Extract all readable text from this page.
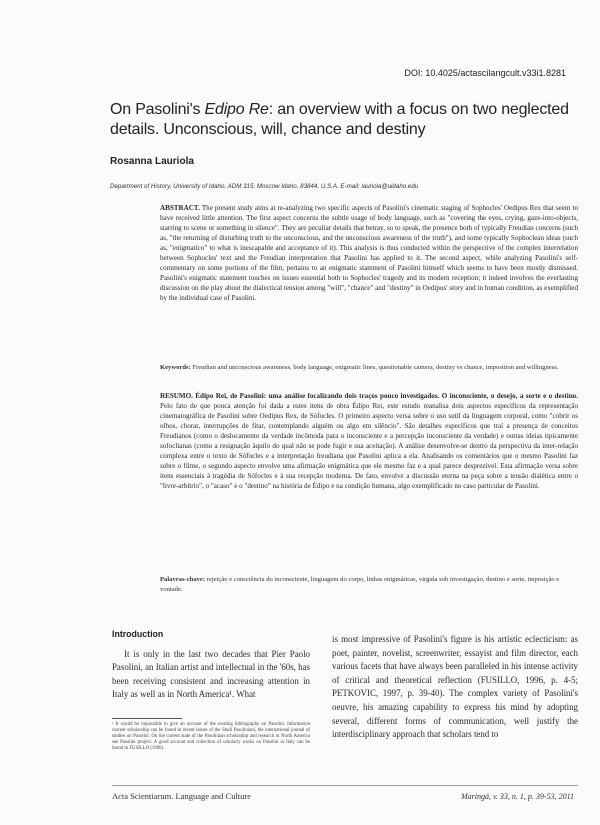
DOI: 10.4025/actascilangcult.v33i1.8281
On Pasolini's Edipo Re: an overview with a focus on two neglected details. Unconscious, will, chance and destiny
Rosanna Lauriola
Department of History, University of Idaho, ADM 315, Moscow Idaho, 83844, U.S.A. E-mail: lauriola@uidaho.edu

ABSTRACT. The present study aims at re-analyzing two specific aspects of Pasolini's cinematic staging of Sophocles' Oedipus Rex that seem to have received little attention. The first aspect concerns the subtle usage of body language, such as "covering the eyes, crying, gaze-into-objects, starring to scene or something in silence". They are peculiar details that betray, so to speak, the presence both of typically Freudian concerns (such as, "the returning of disturbing truth to the unconscious, and the unconscious awareness of the truth"), and some typically Sophoclean ideas (such as, "enigmatico" to what is inescapable and acceptance of it). This analysis is thus conducted within the perspective of the complex interrelation between Sophocles' text and the Freudian interpretation that Pasolini has applied to it. The second aspect, while analyzing Pasolini's self-commentary on some portions of the film, pertains to an enigmatic statement of Pasolini himself which seems to have been mostly dismissed. Pasolini's enigmatic statement touches on issues essential both to Sophocles' tragedy and its modern reception; it indeed involves the everlasting discussion on the play about the dialectical tension among "will", "chance" and "destiny" in Oedipus' story and in human condition, as exemplified by the individual case of Pasolini.

Keywords: Freudian and unconscious awareness, body language, enigmatic lines, questionable camera, destiny vs chance, imposition and willingness.

RESUMO. Édipo Rei, de Pasolini: uma análise focalizando dois traços pouco investigados. O inconsciente, o desejo, a sorte e o destino. Pelo fato de que pouca atenção foi dada a estes itens de obra Édipo Rei, este estudo reanalisa dois aspectos específicos da representação cinematográfica de Pasolini sobre Oedipus Rex, de Sófocles. O primeiro aspecto versa sobre o uso sutil da linguagem corporal, como "cobrir os olhos, chorar, interrupções de fitar, contemplando alguém ou algo em silêncio". São detalhes específicos que traí a presença de conceitos Freudianos (como o deslocamento da verdade incômoda para o inconsciente e a percepção inconsciente da verdade) e outras ideias tipicamente sofoclianas (como a resignação àquilo do qual não se pode fugir e sua aceitação). A análise desenvolve-se dentro da perspectiva da inter-relação complexa entre o texto de Sófocles e a interpretação freudiana que Pasolini aplica a ela. Analisando os comentários que o mesmo Pasolini faz sobre o filme, o segundo aspecto envolve uma afirmação enigmática que ele mesmo faz e a qual parece desprezível. Esta afirmação versa sobre itens essenciais à tragédia de Sófocles e à sua recepção moderna. De fato, envolve a discussão eterna na peça sobre a tensão dialética entre o "livre-arbítrio", o "acaso" e o "destino" na história de Édipo e na condição humana, algo exemplificado no caso particular de Pasolini.

Palavras-chave: rejeição e consciência do inconsciente, linguagem do corpo, linhas enigmáticas, virgula sob investigação, destino e sorte, imposição e vontade.

Introduction

It is only in the last two decades that Pier Paolo Pasolini, an Italian artist and intellectual in the '60s, has been receiving consistent and increasing attention in Italy as well as in North America¹. What

is most impressive of Pasolini's figure is his artistic eclecticism: as poet, painter, novelist, screenwriter, essayist and film director, each various facets that have always been paralleled in his intense activity of critical and theoretical reflection (FUSILLO, 1996, p. 4-5; PETKOVIC, 1997, p. 39-40). The complex variety of Pasolini's oeuvre, his amazing capability to express his mind by adopting several, different forms of communication, well justify the interdisciplinary approach that scholars tend to

¹ It would be impossible to give an account of the existing bibliography on Pasolini. Information current scholarship can be found in recent issues of the Studi Pasoliniani, the international journal of studies on Pasolini. On the current state of the Pasolinian scholarship and research in North America see Pasolini project. A good account and collection of scholarly works on Pasolini in Italy can be found in FUSILLO (1996).

Acta Scientiarum. Language and Culture	Maringá, v. 33, n. 1, p. 39-53, 2011
